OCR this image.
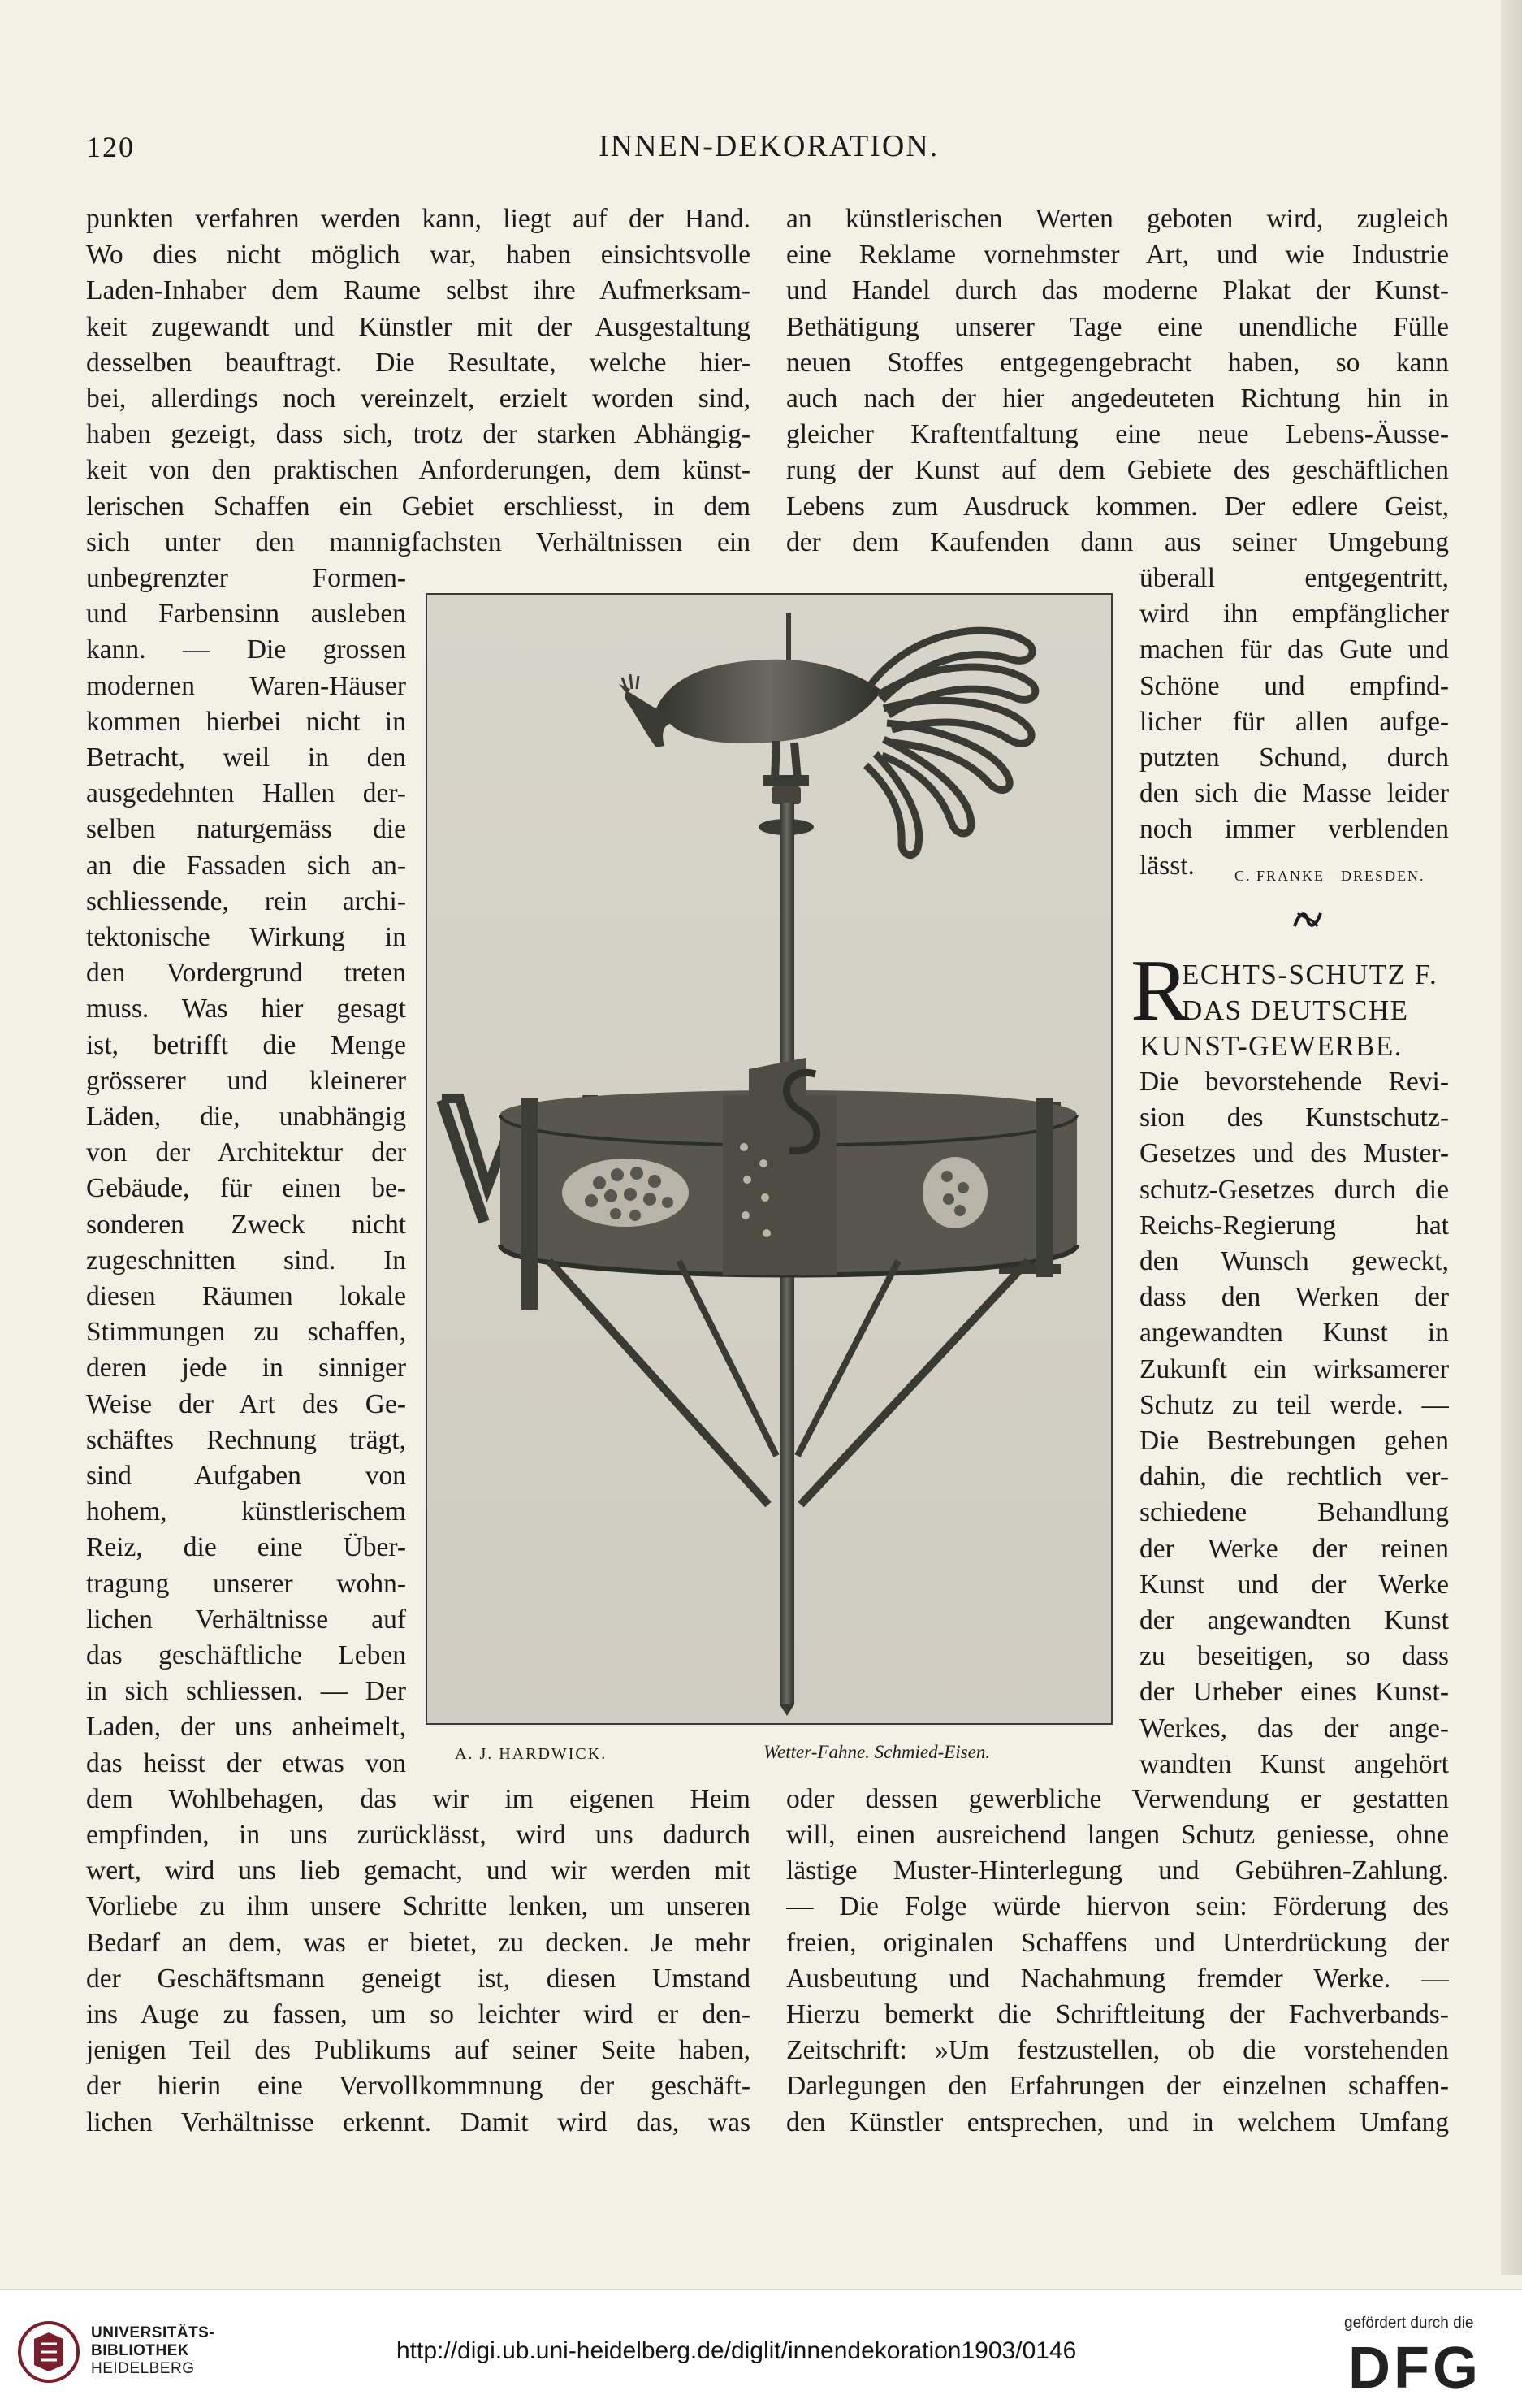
120	INNEN-DEKORATION.
punkten verfahren werden kann, liegt auf der Hand.
Wo dies nicht möglich war, haben einsichtsvolle
Laden-Inhaber dem Raume selbst ihre Aufmerksam-
keit zugewandt und Künstler mit der Ausgestaltung
desselben beauftragt. Die Resultate, welche hier-
bei, allerdings noch vereinzelt, erzielt worden sind,
haben gezeigt, dass sich, trotz der starken Abhängig-
keit von den praktischen Anforderungen, dem künst-
lerischen Schaffen ein Gebiet erschliesst, in dem
sich unter den mannigfachsten Verhältnissen ein
unbegrenzter Formen-
und Farbensinn ausleben
kann. — Die grossen
modernen Waren-Häuser
kommen hierbei nicht in
Betracht, weil in den
ausgedehnten Hallen der-
selben naturgemäss die
an die Fassaden sich an-
schliessende, rein archi-
tektonische Wirkung in
den Vordergrund treten
muss. Was hier gesagt
ist, betrifft die Menge
grösserer und kleinerer
Läden, die, unabhängig
von der Architektur der
Gebäude, für einen be-
sonderen Zweck nicht
zugeschnitten sind. In
diesen Räumen lokale
Stimmungen zu schaffen,
deren jede in sinniger
Weise der Art des Ge-
schäftes Rechnung trägt,
sind Aufgaben von
hohem, künstlerischem
Reiz, die eine Über-
tragung unserer wohn-
lichen Verhältnisse auf
das geschäftliche Leben
in sich schliessen. — Der
Laden, der uns anheimelt,
das heisst der etwas von
dem Wohlbehagen, das wir im eigenen Heim
empfinden, in uns zurücklässt, wird uns dadurch
wert, wird uns lieb gemacht, und wir werden mit
Vorliebe zu ihm unsere Schritte lenken, um unseren
Bedarf an dem, was er bietet, zu decken. Je mehr
der Geschäftsmann geneigt ist, diesen Umstand
ins Auge zu fassen, um so leichter wird er den-
jenigen Teil des Publikums auf seiner Seite haben,
der hierin eine Vervollkommnung der geschäft-
lichen Verhältnisse erkennt. Damit wird das, was
an künstlerischen Werten geboten wird, zugleich
eine Reklame vornehmster Art, und wie Industrie
und Handel durch das moderne Plakat der Kunst-
Bethätigung unserer Tage eine unendliche Fülle
neuen Stoffes entgegengebracht haben, so kann
auch nach der hier angedeuteten Richtung hin in
gleicher Kraftentfaltung eine neue Lebens-Äusse-
rung der Kunst auf dem Gebiete des geschäftlichen
Lebens zum Ausdruck kommen. Der edlere Geist,
der dem Kaufenden dann aus seiner Umgebung
überall entgegentritt,
wird ihn empfänglicher
machen für das Gute und
Schöne und empfind-
licher für allen aufge-
putzten Schund, durch
den sich die Masse leider
noch immer verblenden
lässt.
Die bevorstehende Revi-
sion des Kunstschutz-
Gesetzes und des Muster-
schutz-Gesetzes durch die
Reichs-Regierung hat
den Wunsch geweckt,
dass den Werken der
angewandten Kunst in
Zukunft ein wirksamerer
Schutz zu teil werde. —
Die Bestrebungen gehen
dahin, die rechtlich ver-
schiedene Behandlung
der Werke der reinen
Kunst und der Werke
der angewandten Kunst
zu beseitigen, so dass
der Urheber eines Kunst-
Werkes, das der ange-
wandten Kunst angehört
oder dessen gewerbliche Verwendung er gestatten
will, einen ausreichend langen Schutz geniesse, ohne
lästige Muster-Hinterlegung und Gebühren-Zahlung.
— Die Folge würde hiervon sein: Förderung des
freien, originalen Schaffens und Unterdrückung der
Ausbeutung und Nachahmung fremder Werke. —
Hierzu bemerkt die Schriftleitung der Fachverbands-
Zeitschrift: »Um festzustellen, ob die vorstehenden
Darlegungen den Erfahrungen der einzelnen schaffen-
den Künstler entsprechen, und in welchem Umfang
C. FRANKE—DRESDEN.
R
ECHTS-SCHUTZ F.
DAS DEUTSCHE
KUNST-GEWERBE.
A. J. HARDWICK.	Wetter-Fahne. Schmied-Eisen.
UNIVERSITÄTS-
BIBLIOTHEK
HEIDELBERG
http://digi.ub.uni-heidelberg.de/diglit/innendekoration1903/0146
gefördert durch die
DFG
